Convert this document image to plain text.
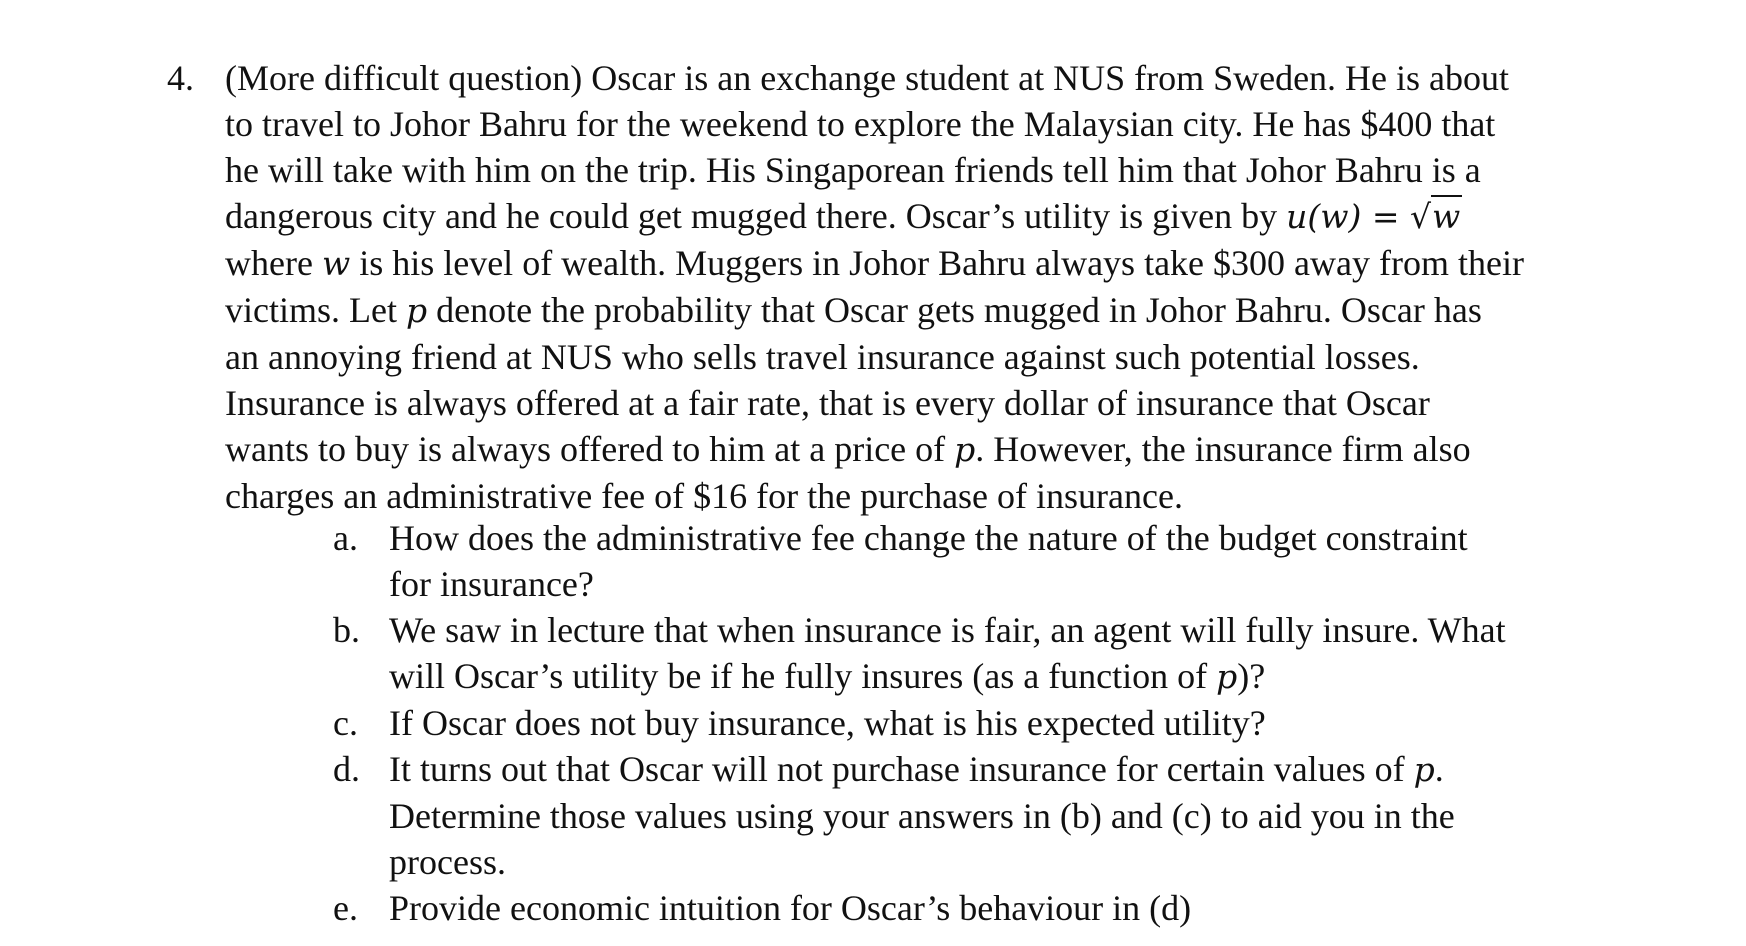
4. (More difficult question) Oscar is an exchange student at NUS from Sweden. He is about
to travel to Johor Bahru for the weekend to explore the Malaysian city. He has $400 that
he will take with him on the trip. His Singaporean friends tell him that Johor Bahru is a
dangerous city and he could get mugged there. Oscar’s utility is given by u(w) = √w
where w is his level of wealth. Muggers in Johor Bahru always take $300 away from their
victims. Let p denote the probability that Oscar gets mugged in Johor Bahru. Oscar has
an annoying friend at NUS who sells travel insurance against such potential losses.
Insurance is always offered at a fair rate, that is every dollar of insurance that Oscar
wants to buy is always offered to him at a price of p. However, the insurance firm also
charges an administrative fee of $16 for the purchase of insurance.
a. How does the administrative fee change the nature of the budget constraint
for insurance?
b. We saw in lecture that when insurance is fair, an agent will fully insure. What
will Oscar’s utility be if he fully insures (as a function of p)?
c. If Oscar does not buy insurance, what is his expected utility?
d. It turns out that Oscar will not purchase insurance for certain values of p.
Determine those values using your answers in (b) and (c) to aid you in the
process.
e. Provide economic intuition for Oscar’s behaviour in (d)
